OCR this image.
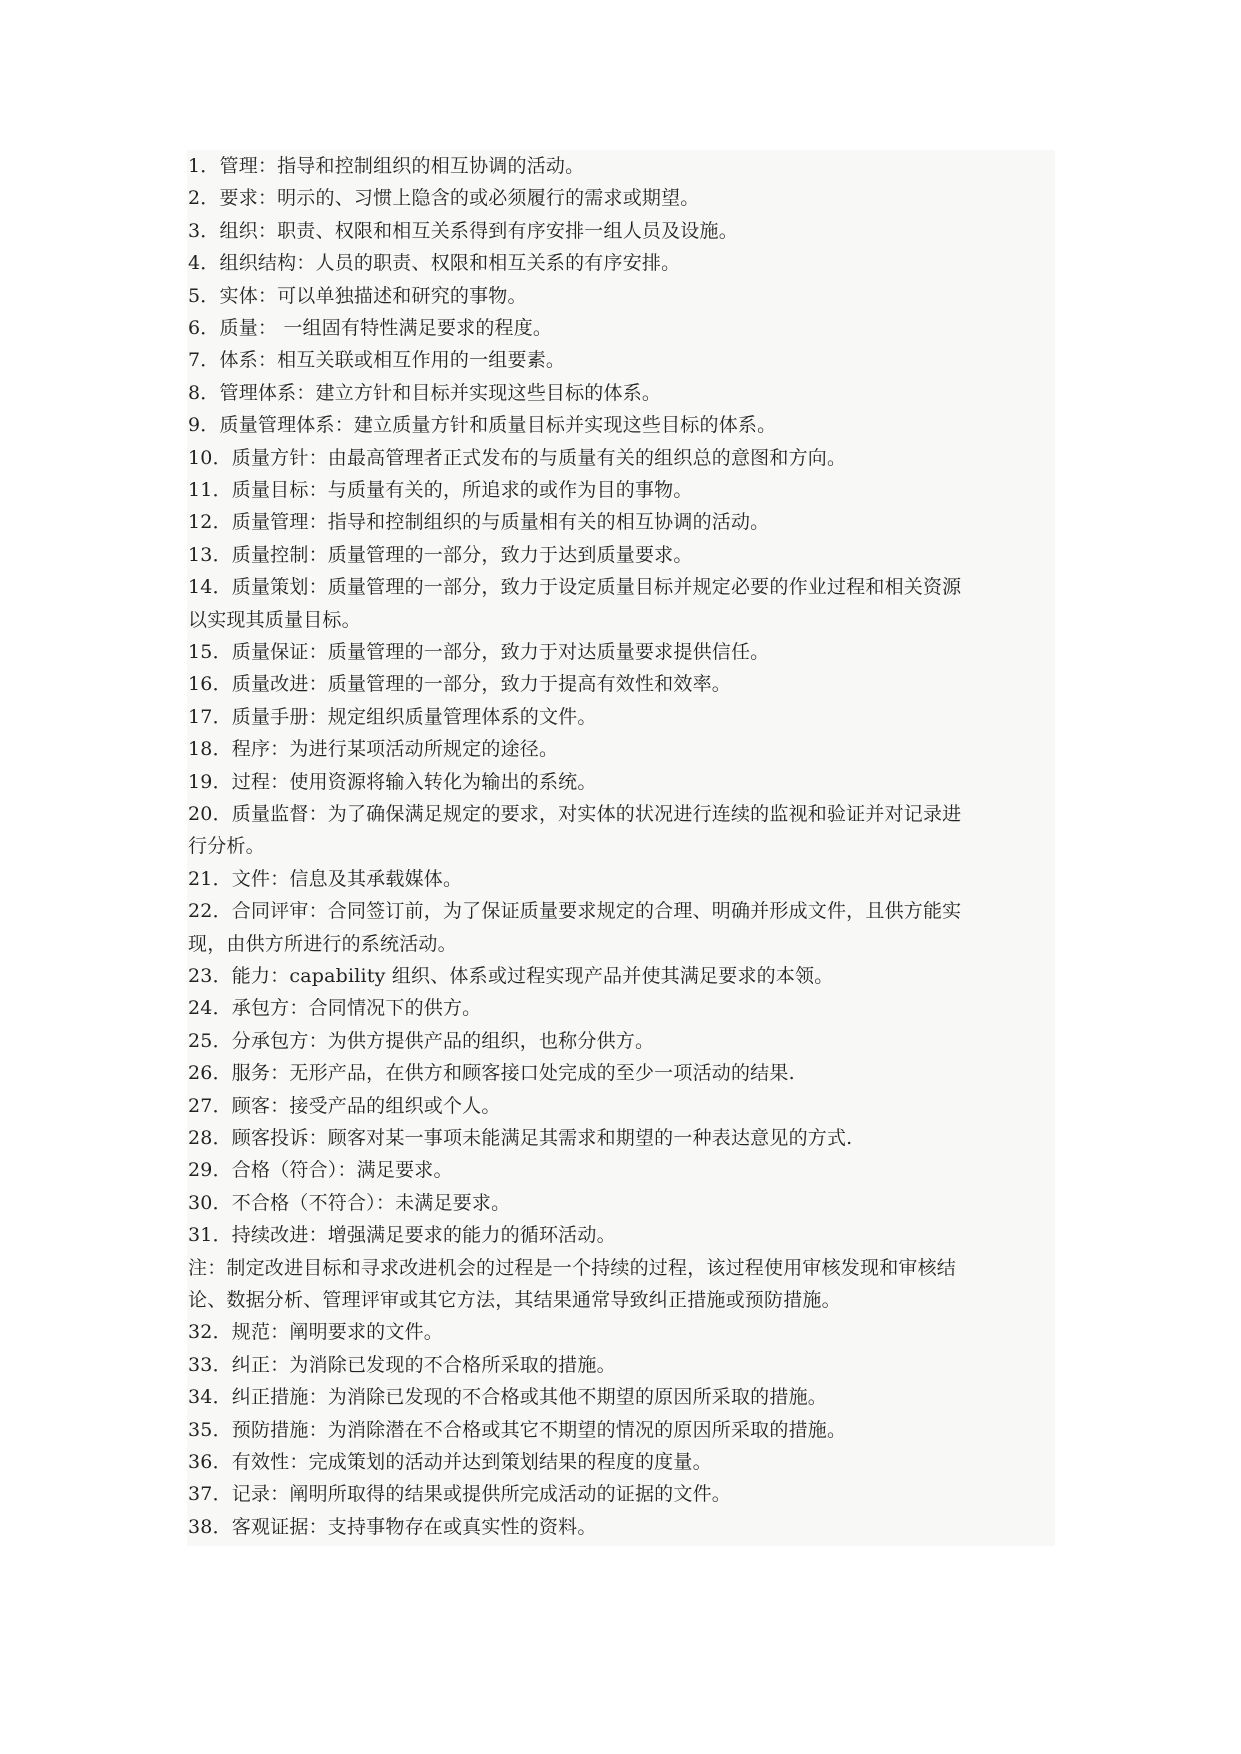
1．管理：指导和控制组织的相互协调的活动。
2．要求：明示的、习惯上隐含的或必须履行的需求或期望。
3．组织：职责、权限和相互关系得到有序安排一组人员及设施。
4．组织结构：人员的职责、权限和相互关系的有序安排。
5．实体：可以单独描述和研究的事物。
6．质量： 一组固有特性满足要求的程度。
7．体系：相互关联或相互作用的一组要素。
8．管理体系：建立方针和目标并实现这些目标的体系。
9．质量管理体系：建立质量方针和质量目标并实现这些目标的体系。
10．质量方针：由最高管理者正式发布的与质量有关的组织总的意图和方向。
11．质量目标：与质量有关的，所追求的或作为目的事物。
12．质量管理：指导和控制组织的与质量相有关的相互协调的活动。
13．质量控制：质量管理的一部分，致力于达到质量要求。
14．质量策划：质量管理的一部分，致力于设定质量目标并规定必要的作业过程和相关资源
以实现其质量目标。
15．质量保证：质量管理的一部分，致力于对达质量要求提供信任。
16．质量改进：质量管理的一部分，致力于提高有效性和效率。
17．质量手册：规定组织质量管理体系的文件。
18．程序：为进行某项活动所规定的途径。
19．过程：使用资源将输入转化为输出的系统。
20．质量监督：为了确保满足规定的要求，对实体的状况进行连续的监视和验证并对记录进
行分析。
21．文件：信息及其承载媒体。
22．合同评审：合同签订前，为了保证质量要求规定的合理、明确并形成文件，且供方能实
现，由供方所进行的系统活动。
23．能力：capability 组织、体系或过程实现产品并使其满足要求的本领。
24．承包方：合同情况下的供方。
25．分承包方：为供方提供产品的组织，也称分供方。
26．服务：无形产品，在供方和顾客接口处完成的至少一项活动的结果.
27．顾客：接受产品的组织或个人。
28．顾客投诉：顾客对某一事项未能满足其需求和期望的一种表达意见的方式.
29．合格（符合）：满足要求。
30．不合格（不符合）：未满足要求。
31．持续改进：增强满足要求的能力的循环活动。
注：制定改进目标和寻求改进机会的过程是一个持续的过程，该过程使用审核发现和审核结
论、数据分析、管理评审或其它方法，其结果通常导致纠正措施或预防措施。
32．规范：阐明要求的文件。
33．纠正：为消除已发现的不合格所采取的措施。
34．纠正措施：为消除已发现的不合格或其他不期望的原因所采取的措施。
35．预防措施：为消除潜在不合格或其它不期望的情况的原因所采取的措施。
36．有效性：完成策划的活动并达到策划结果的程度的度量。
37．记录：阐明所取得的结果或提供所完成活动的证据的文件。
38．客观证据：支持事物存在或真实性的资料。
